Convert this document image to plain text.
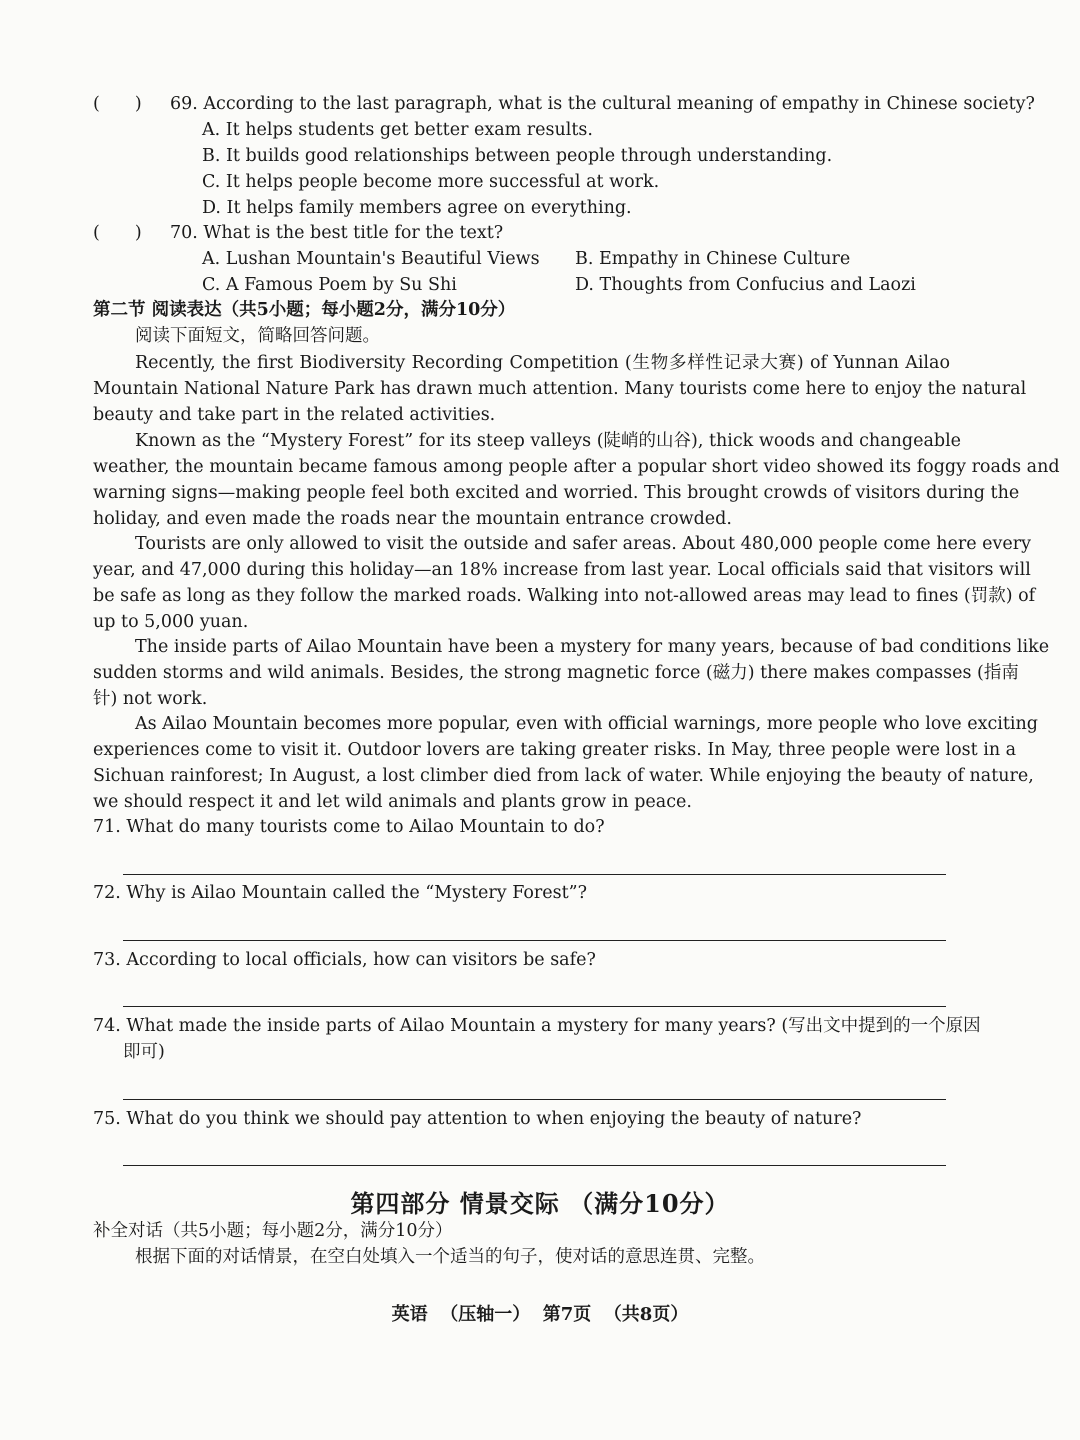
(　　) 69. According to the last paragraph, what is the cultural meaning of empathy in Chinese society?
A. It helps students get better exam results.
B. It builds good relationships between people through understanding.
C. It helps people become more successful at work.
D. It helps family members agree on everything.
(　　) 70. What is the best title for the text?
A. Lushan Mountain's Beautiful Views B. Empathy in Chinese Culture
C. A Famous Poem by Su Shi	D. Thoughts from Confucius and Laozi
第二节 阅读表达（共5小题；每小题2分，满分10分）
阅读下面短文，简略回答问题。
Recently, the first Biodiversity Recording Competition (生物多样性记录大赛) of Yunnan Ailao
Mountain National Nature Park has drawn much attention. Many tourists come here to enjoy the natural
beauty and take part in the related activities.
Known as the “Mystery Forest” for its steep valleys (陡峭的山谷), thick woods and changeable
weather, the mountain became famous among people after a popular short video showed its foggy roads and
warning signs—making people feel both excited and worried. This brought crowds of visitors during the
holiday, and even made the roads near the mountain entrance crowded.
Tourists are only allowed to visit the outside and safer areas. About 480,000 people come here every
year, and 47,000 during this holiday—an 18% increase from last year. Local officials said that visitors will
be safe as long as they follow the marked roads. Walking into not-allowed areas may lead to fines (罚款) of
up to 5,000 yuan.
The inside parts of Ailao Mountain have been a mystery for many years, because of bad conditions like
sudden storms and wild animals. Besides, the strong magnetic force (磁力) there makes compasses (指南
针) not work.
As Ailao Mountain becomes more popular, even with official warnings, more people who love exciting
experiences come to visit it. Outdoor lovers are taking greater risks. In May, three people were lost in a
Sichuan rainforest; In August, a lost climber died from lack of water. While enjoying the beauty of nature,
we should respect it and let wild animals and plants grow in peace.
71. What do many tourists come to Ailao Mountain to do?
72. Why is Ailao Mountain called the “Mystery Forest”?
73. According to local officials, how can visitors be safe?
74. What made the inside parts of Ailao Mountain a mystery for many years? (写出文中提到的一个原因
即可)
75. What do you think we should pay attention to when enjoying the beauty of nature?
第四部分 情景交际 （满分10分）
补全对话（共5小题；每小题2分，满分10分）
根据下面的对话情景，在空白处填入一个适当的句子，使对话的意思连贯、完整。
英语  （压轴一）  第7页  （共8页）
